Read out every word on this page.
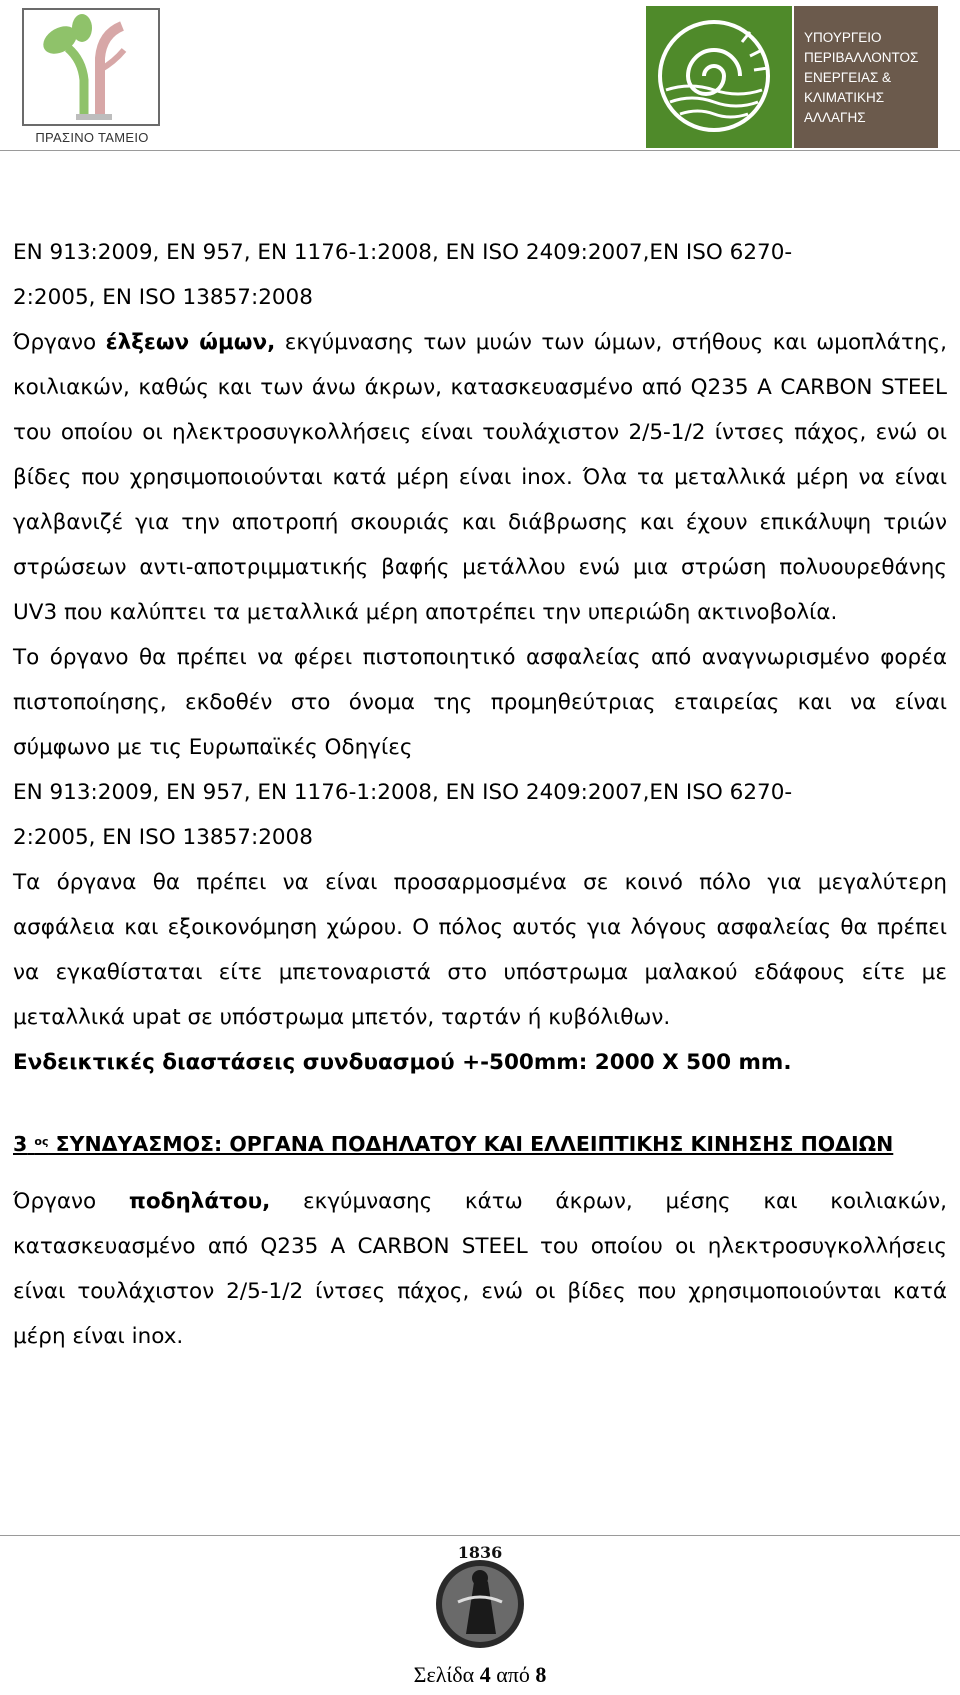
ΠΡΑΣΙΝΟ ΤΑΜΕΙΟ
ΥΠΟΥΡΓΕΙΟ
ΠΕΡΙΒΑΛΛΟΝΤΟΣ
ΕΝΕΡΓΕΙΑΣ &
ΚΛΙΜΑΤΙΚΗΣ
ΑΛΛΑΓΗΣ

EN 913:2009, EN 957, EN 1176-1:2008, EN ISO 2409:2007,EN ISO 6270-

2:2005, EN ISO 13857:2008

Όργανο έλξεων ώμων, εκγύμνασης των μυών των ώμων, στήθους και ωμοπλάτης, κοιλιακών, καθώς και των άνω άκρων, κατασκευασμένο από Q235 A CARBON STEEL του οποίου οι ηλεκτροσυγκολλήσεις είναι τουλάχιστον 2/5-1/2 ίντσες πάχος, ενώ οι βίδες που χρησιμοποιούνται κατά μέρη είναι inox. Όλα τα μεταλλικά μέρη να είναι γαλβανιζέ για την αποτροπή σκουριάς και διάβρωσης και έχουν επικάλυψη τριών στρώσεων αντι-αποτριμματικής βαφής μετάλλου ενώ μια στρώση πολυουρεθάνης UV3 που καλύπτει τα μεταλλικά μέρη αποτρέπει την υπεριώδη ακτινοβολία.

Το όργανο θα πρέπει να φέρει πιστοποιητικό ασφαλείας από αναγνωρισμένο φορέα πιστοποίησης, εκδοθέν στο όνομα της προμηθεύτριας εταιρείας και να είναι σύμφωνο με τις Ευρωπαϊκές Οδηγίες

EN 913:2009, EN 957, EN 1176-1:2008, EN ISO 2409:2007,EN ISO 6270-

2:2005, EN ISO 13857:2008

Τα όργανα θα πρέπει να είναι προσαρμοσμένα σε κοινό πόλο για μεγαλύτερη ασφάλεια και εξοικονόμηση χώρου. Ο πόλος αυτός για λόγους ασφαλείας θα πρέπει να εγκαθίσταται είτε μπετοναριστά στο υπόστρωμα μαλακού εδάφους είτε με μεταλλικά upat σε υπόστρωμα μπετόν, ταρτάν ή κυβόλιθων.

Ενδεικτικές διαστάσεις συνδυασμού +-500mm: 2000 X 500 mm.

3 $^{o\varsigma}$ ΣΥΝΔΥΑΣΜΟΣ: ΟΡΓΑΝΑ ΠΟΔΗΛΑΤΟΥ ΚΑΙ ΕΛΛΕΙΠΤΙΚΗΣ ΚΙΝΗΣΗΣ ΠΟΔΙΩΝ

Όργανο ποδηλάτου, εκγύμνασης κάτω άκρων, μέσης και κοιλιακών, κατασκευασμένο από Q235 A CARBON STEEL του οποίου οι ηλεκτροσυγκολλήσεις είναι τουλάχιστον 2/5-1/2 ίντσες πάχος, ενώ οι βίδες που χρησιμοποιούνται κατά μέρη είναι inox.

1836
Σελίδα 4 από 8
